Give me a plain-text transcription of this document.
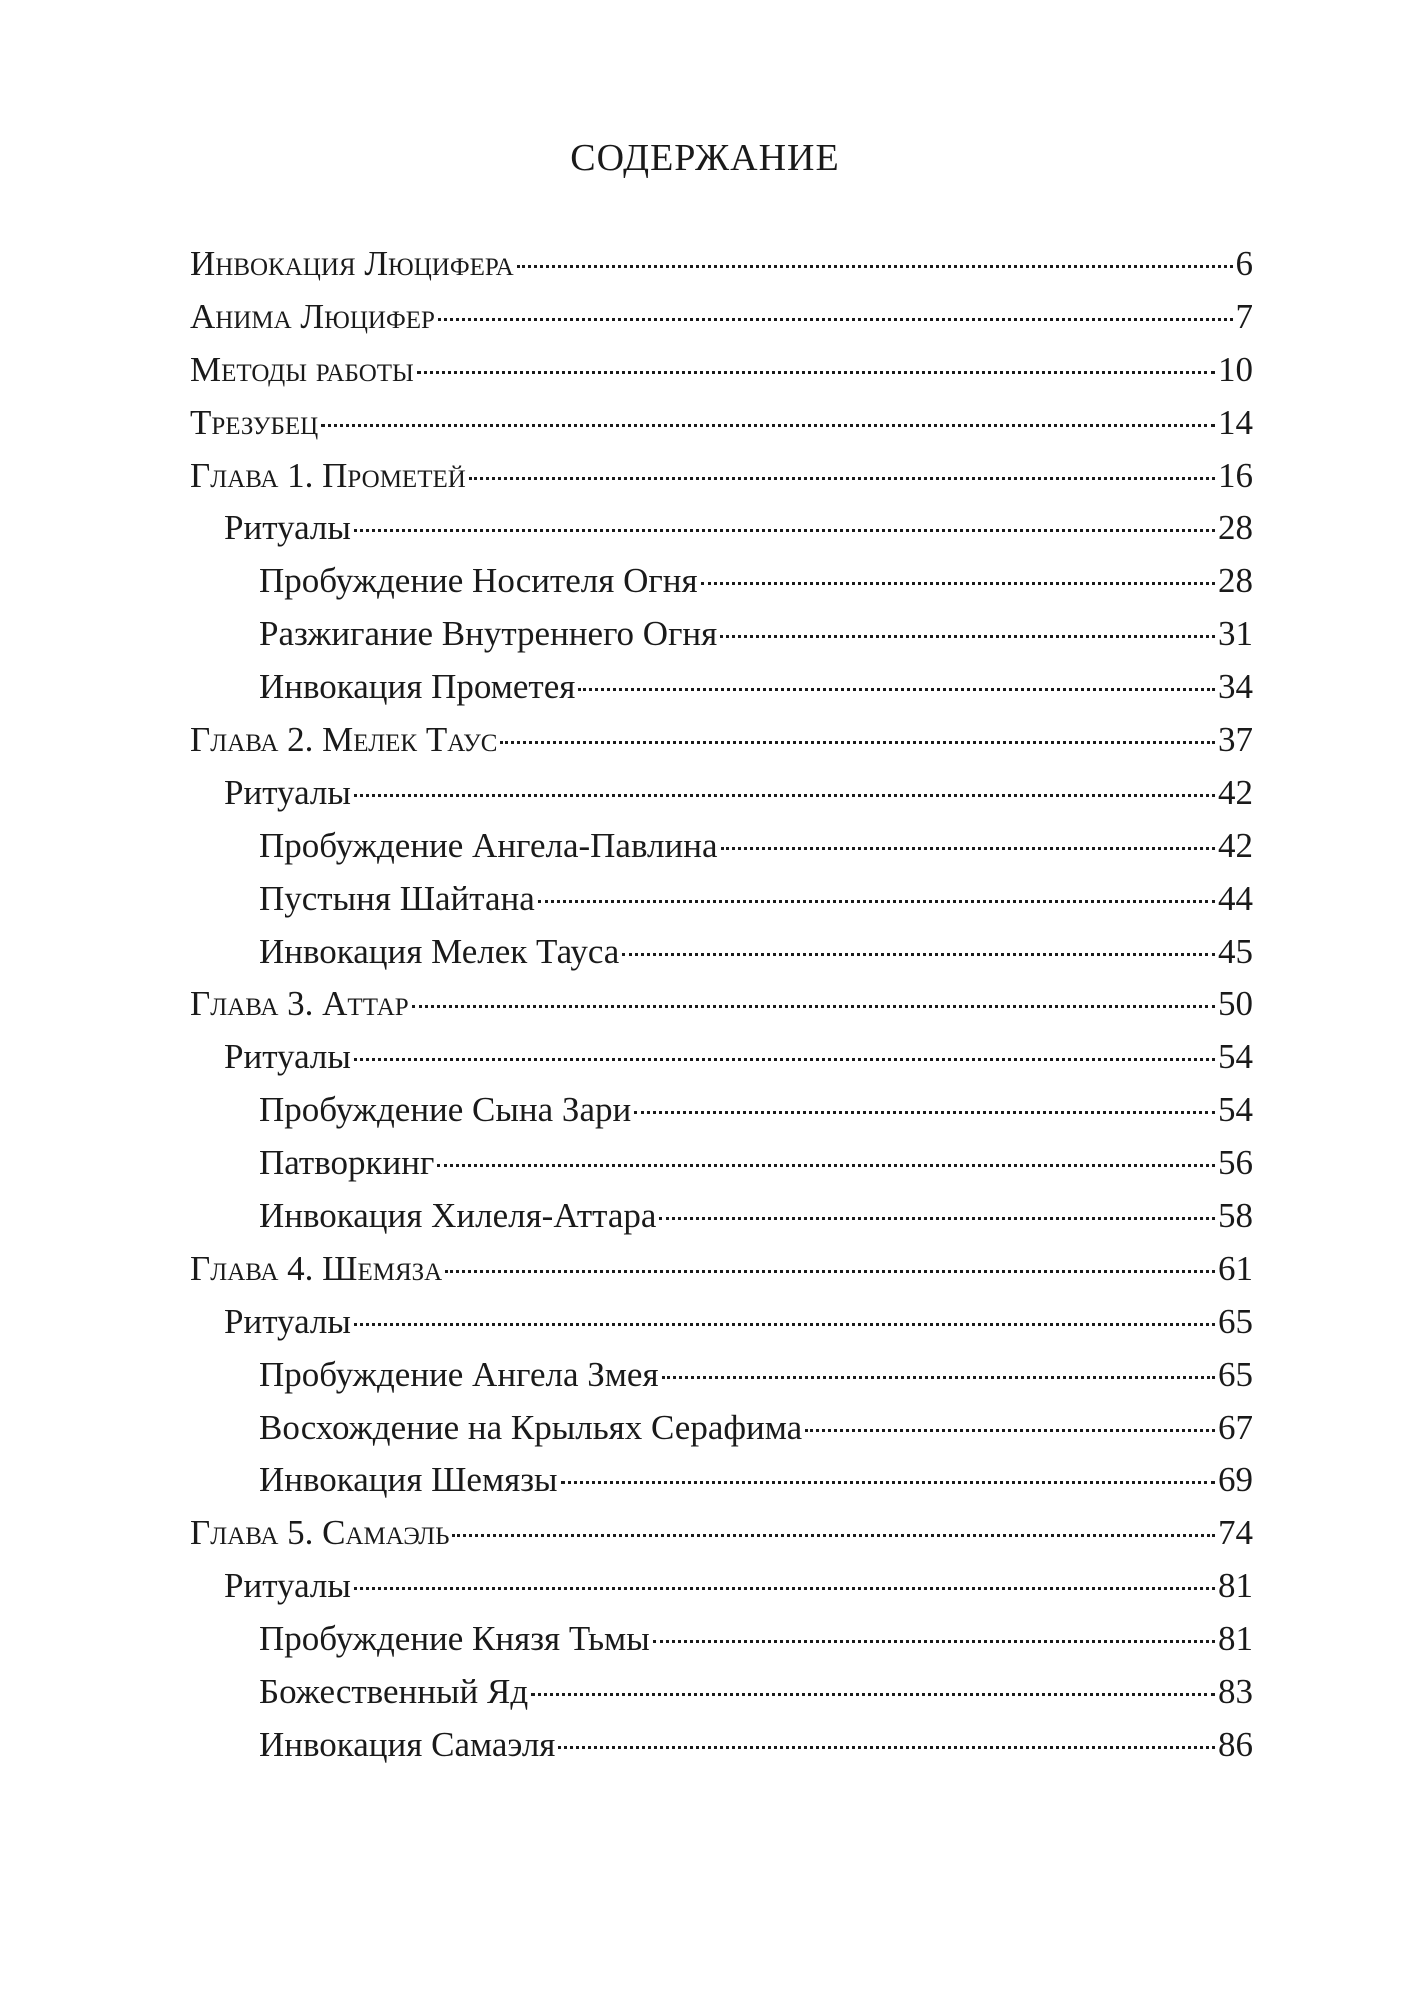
СОДЕРЖАНИЕ
Инвокация Люцифера	6
Анима Люцифер	7
Методы работы	10
Трезубец	14
Глава 1. Прометей	16
Ритуалы	28
Пробуждение Носителя Огня	28
Разжигание Внутреннего Огня	31
Инвокация Прометея	34
Глава 2. Мелек Таус	37
Ритуалы	42
Пробуждение Ангела-Павлина	42
Пустыня Шайтана	44
Инвокация Мелек Тауса	45
Глава 3. Аттар	50
Ритуалы	54
Пробуждение Сына Зари	54
Патворкинг	56
Инвокация Хилеля-Аттара	58
Глава 4. Шемяза	61
Ритуалы	65
Пробуждение Ангела Змея	65
Восхождение на Крыльях Серафима	67
Инвокация Шемязы	69
Глава 5. Самаэль	74
Ритуалы	81
Пробуждение Князя Тьмы	81
Божественный Яд	83
Инвокация Самаэля	86
